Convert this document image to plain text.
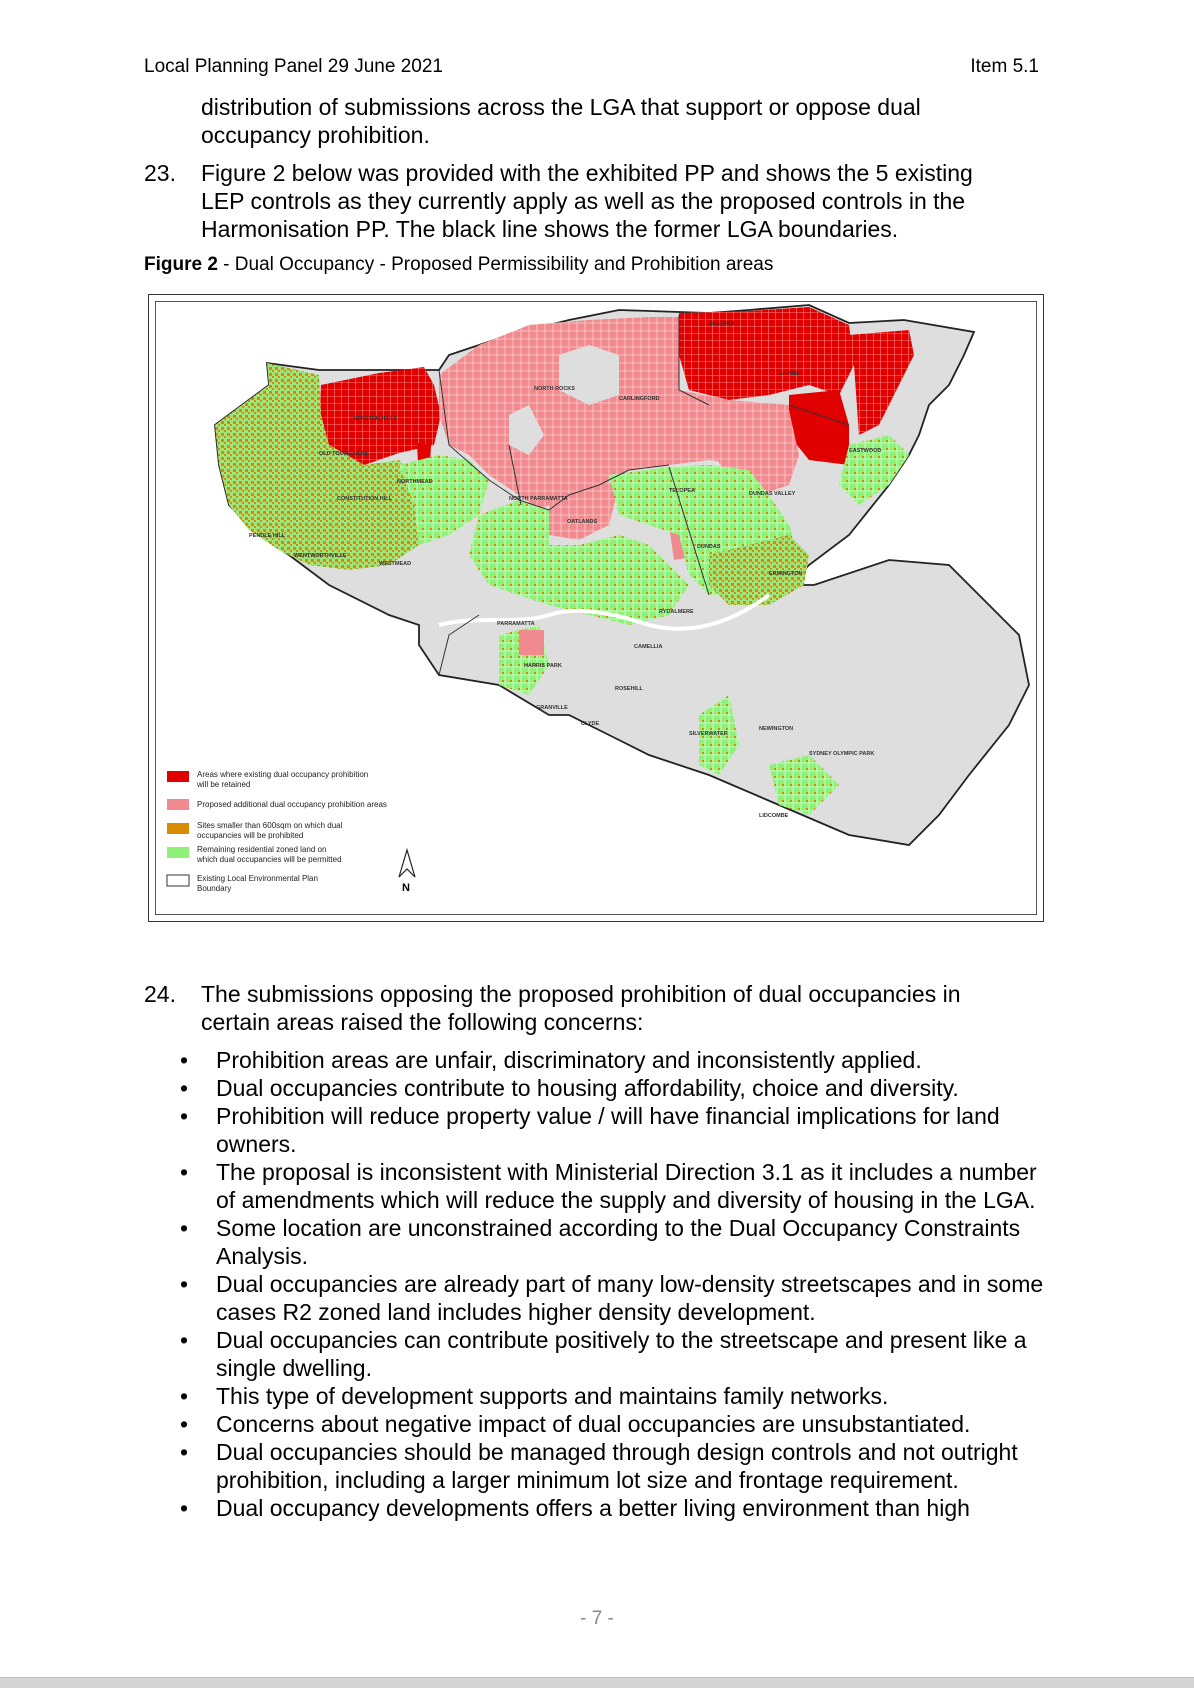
Local Planning Panel 29 June 2021	Item 5.1
distribution of submissions across the LGA that support or oppose dual
occupancy prohibition.
23. Figure 2 below was provided with the exhibited PP and shows the 5 existing
LEP controls as they currently apply as well as the proposed controls in the
Harmonisation PP. The black line shows the former LGA boundaries.
Figure 2 - Dual Occupancy - Proposed Permissibility and Prohibition areas
NORTH ROCKS
CARLINGFORD
BEECROFT
EPPING
EASTWOOD
WINSTON HILLS
OLD TOONGABBIE
NORTHMEAD
CONSTITUTION HILL	NORTH PARRAMATTA
OATLANDS
TELOPEA	DUNDAS VALLEY
DUNDAS
ERMINGTON
PENDLE HILL
WENTWORTHVILLE
WESTMEAD
PARRAMATTA
RYDALMERE
CAMELLIA
HARRIS PARK
ROSEHILL
GRANVILLE
CLYDE
SILVERWATER
NEWINGTON
SYDNEY OLYMPIC PARK
LIDCOMBE
Areas where existing dual occupancy prohibition
will be retained
Proposed additional dual occupancy prohibition areas
Sites smaller than 600sqm on which dual
occupancies will be prohibited
Remaining residential zoned land on
which dual occupancies will be permitted
Existing Local Environmental Plan
Boundary	N
24. The submissions opposing the proposed prohibition of dual occupancies in
certain areas raised the following concerns:
• Prohibition areas are unfair, discriminatory and inconsistently applied.
• Dual occupancies contribute to housing affordability, choice and diversity.
• Prohibition will reduce property value / will have financial implications for land owners.
• The proposal is inconsistent with Ministerial Direction 3.1 as it includes a number of amendments which will reduce the supply and diversity of housing in the LGA.
• Some location are unconstrained according to the Dual Occupancy Constraints Analysis.
• Dual occupancies are already part of many low-density streetscapes and in some cases R2 zoned land includes higher density development.
• Dual occupancies can contribute positively to the streetscape and present like a single dwelling.
• This type of development supports and maintains family networks.
• Concerns about negative impact of dual occupancies are unsubstantiated.
• Dual occupancies should be managed through design controls and not outright prohibition, including a larger minimum lot size and frontage requirement.
• Dual occupancy developments offers a better living environment than high
- 7 -
